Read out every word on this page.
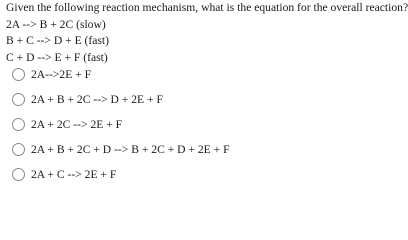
Given the following reaction mechanism, what is the equation for the overall reaction?
2A --> B + 2C (slow)
B + C --> D + E (fast)
C + D --> E + F (fast)
2A-->2E + F
2A + B + 2C --> D + 2E + F
2A + 2C --> 2E + F
2A + B + 2C + D --> B + 2C + D + 2E + F
2A + C --> 2E + F
